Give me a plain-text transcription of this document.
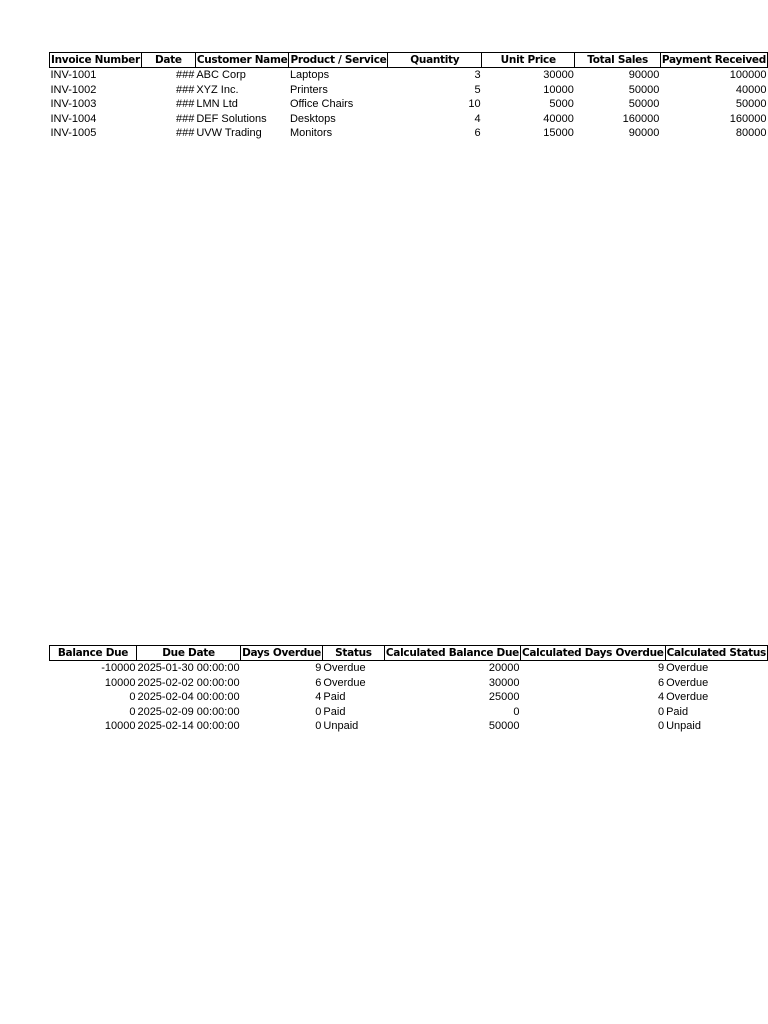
Invoice Number	Date	Customer Name	Product / Service	Quantity	Unit Price	Total Sales	Payment Received
INV-1001	###	ABC Corp	Laptops	3	30000	90000	100000
INV-1002	###	XYZ Inc.	Printers	5	10000	50000	40000
INV-1003	###	LMN Ltd	Office Chairs	10	5000	50000	50000
INV-1004	###	DEF Solutions	Desktops	4	40000	160000	160000
INV-1005	###	UVW Trading	Monitors	6	15000	90000	80000
Balance Due	Due Date	Days Overdue	Status	Calculated Balance Due	Calculated Days Overdue	Calculated Status
-10000	2025-01-30 00:00:00	9	Overdue	20000	9	Overdue
10000	2025-02-02 00:00:00	6	Overdue	30000	6	Overdue
0	2025-02-04 00:00:00	4	Paid	25000	4	Overdue
0	2025-02-09 00:00:00	0	Paid	0	0	Paid
10000	2025-02-14 00:00:00	0	Unpaid	50000	0	Unpaid
